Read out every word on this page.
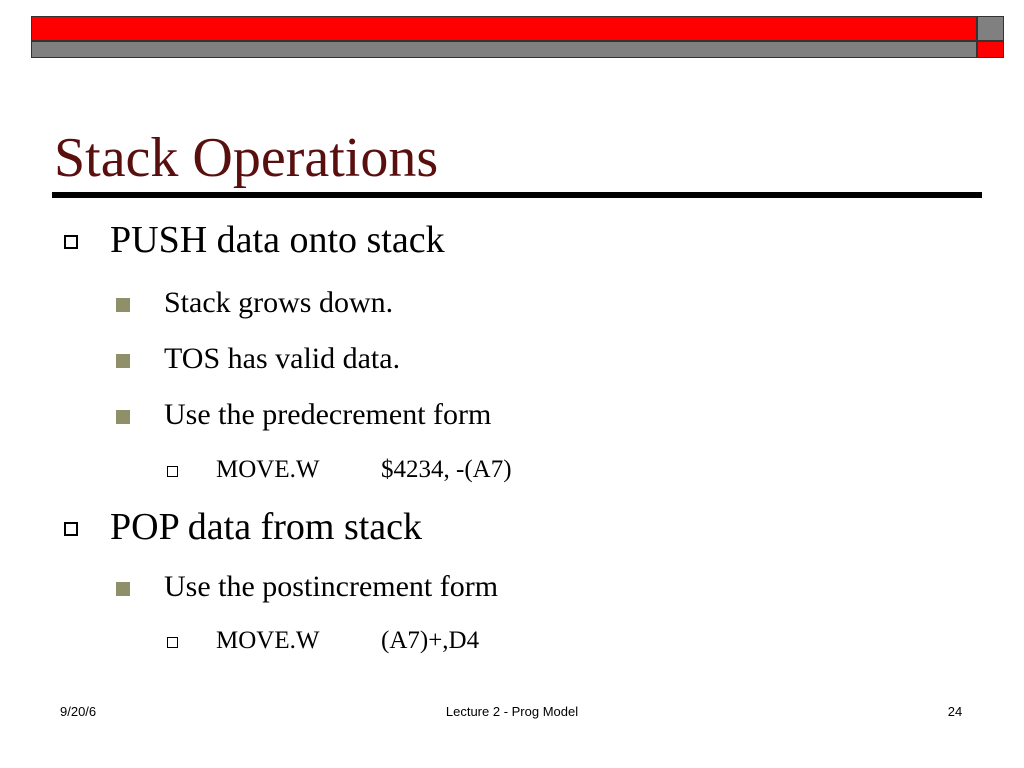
Stack Operations
PUSH data onto stack
Stack grows down.
TOS has valid data.
Use the predecrement form
MOVE.W	$4234, -(A7)
POP data from stack
Use the postincrement form
MOVE.W	(A7)+,D4
9/20/6	Lecture 2 - Prog Model	24
